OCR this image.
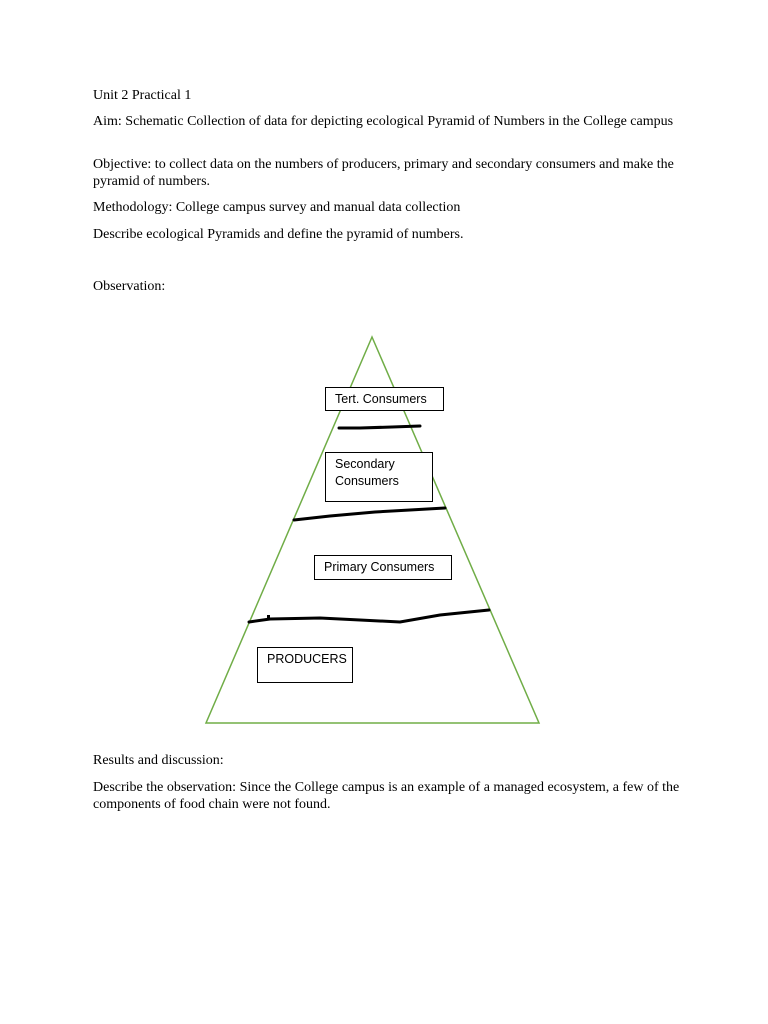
Unit 2 Practical 1

Aim: Schematic Collection of data for depicting ecological Pyramid of Numbers in the College campus

Objective: to collect data on the numbers of producers, primary and secondary consumers and make the pyramid of numbers.

Methodology: College campus survey and manual data collection

Describe ecological Pyramids and define the pyramid of numbers.

Observation:

Tert. Consumers
Secondary
Consumers
Primary Consumers
PRODUCERS

Results and discussion:

Describe the observation: Since the College campus is an example of a managed ecosystem, a few of the components of food chain were not found.
